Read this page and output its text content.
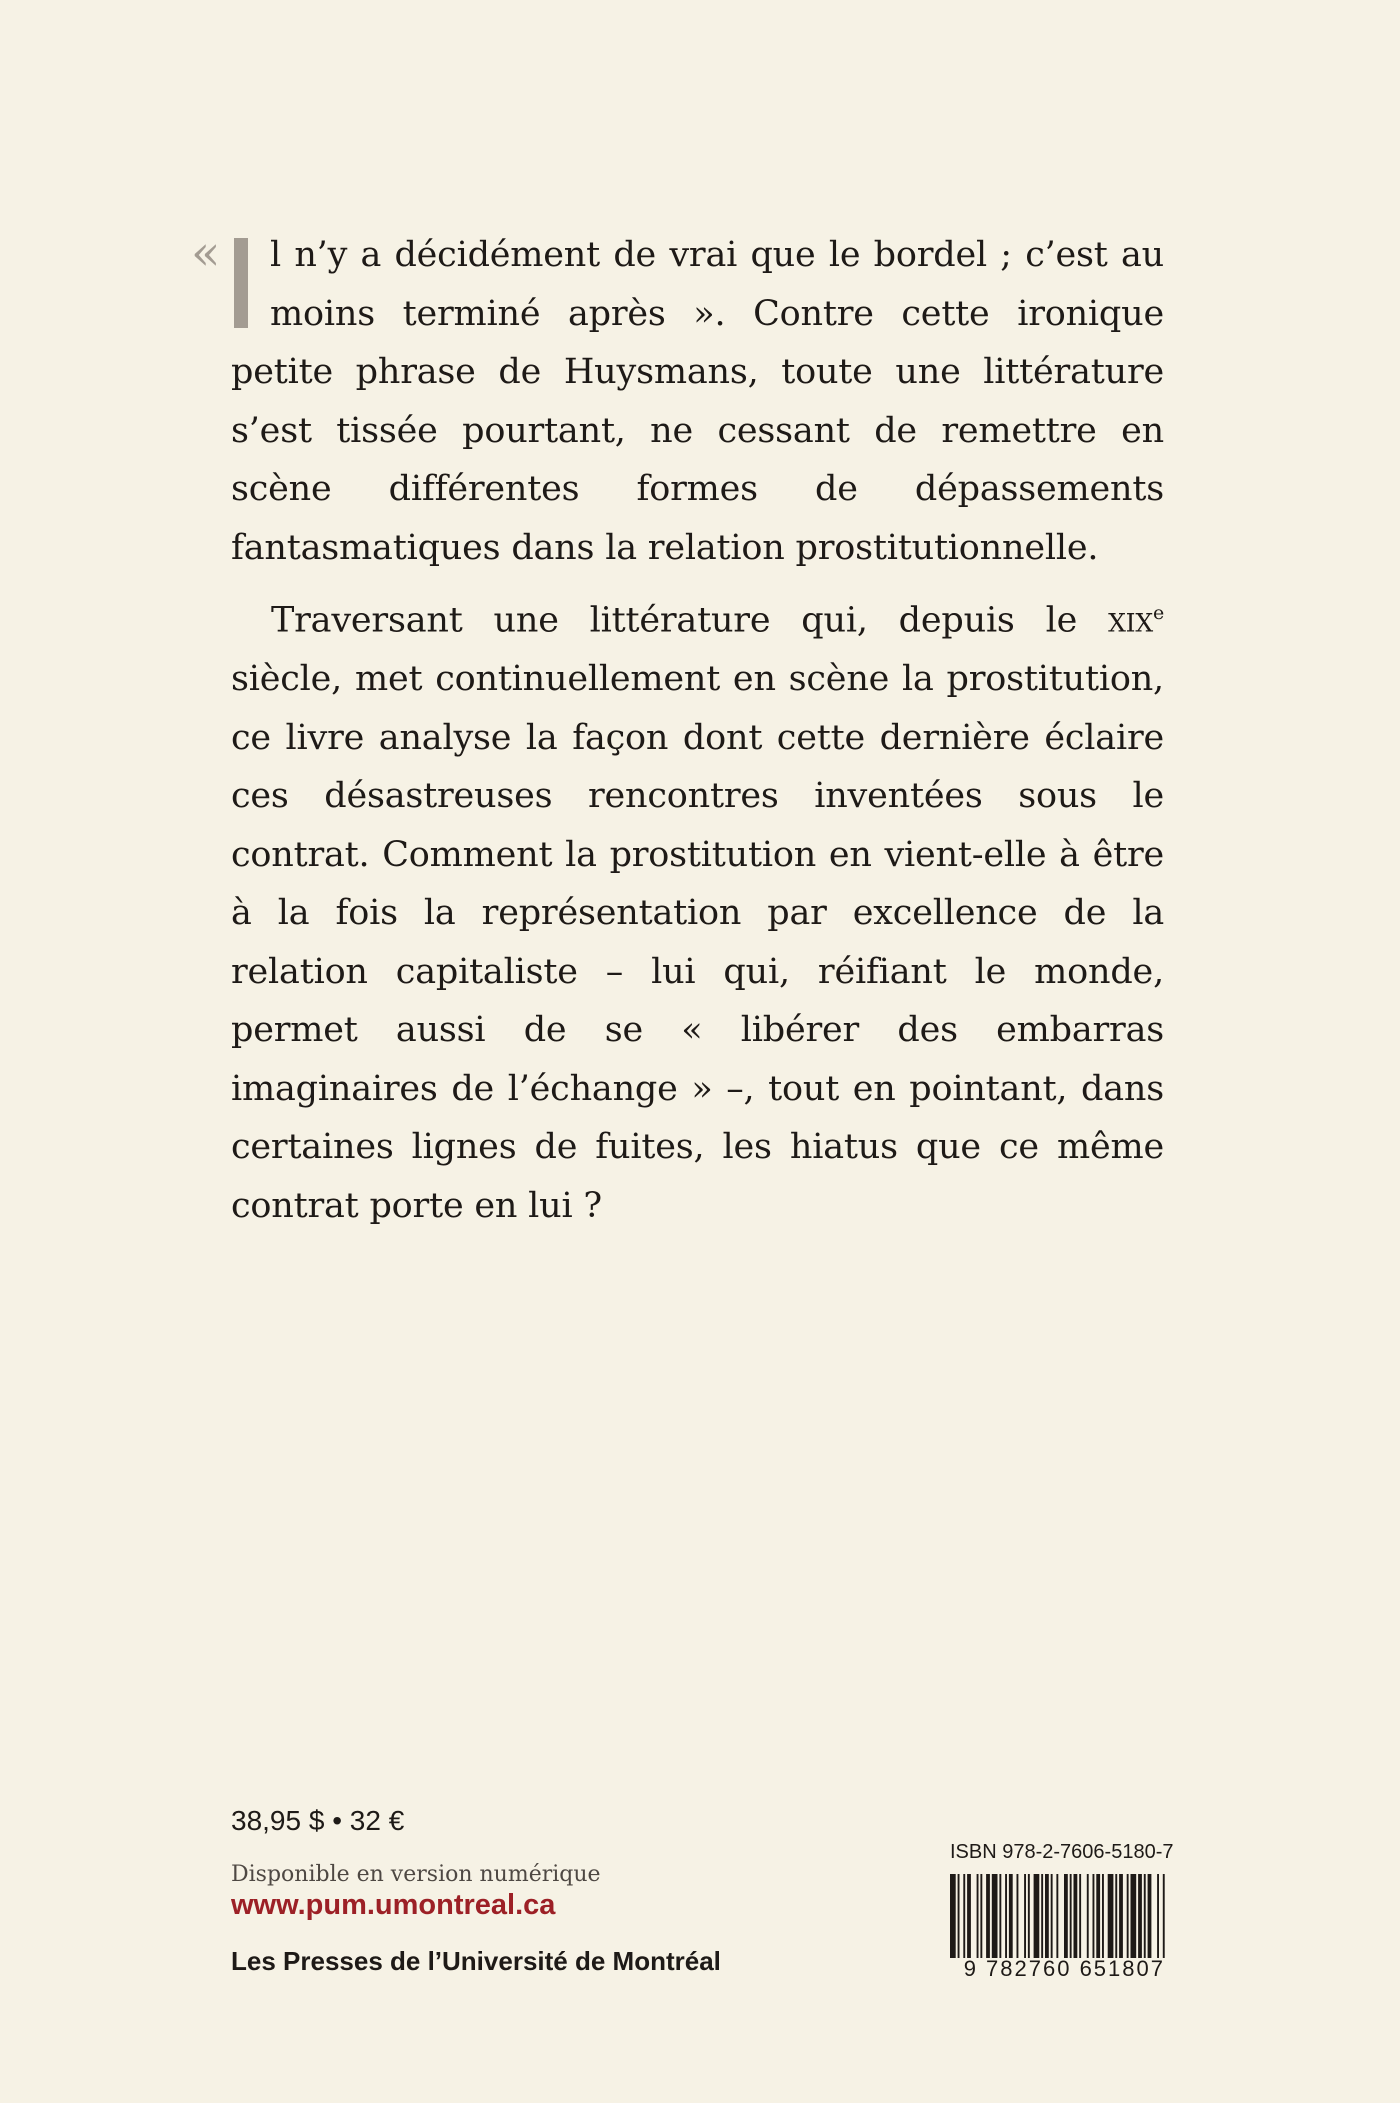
« l n’y a décidément de vrai que le bordel ; c’est au moins terminé après ». Contre cette ironique petite phrase de Huysmans, toute une littérature s’est tissée pourtant, ne cessant de remettre en scène différentes formes de dépassements fantasmatiques dans la relation prostitutionnelle.

Traversant une littérature qui, depuis le xix$^e$ siècle, met continuellement en scène la prostitution, ce livre analyse la façon dont cette dernière éclaire ces désastreuses rencontres inventées sous le contrat. Comment la prostitution en vient-elle à être à la fois la représentation par excellence de la relation capitaliste – lui qui, réifiant le monde, permet aussi de se « libérer des embarras imaginaires de l’échange » –, tout en pointant, dans certaines lignes de fuites, les hiatus que ce même contrat porte en lui ?

38,95 $ • 32 €

Disponible en version numérique

www.pum.umontreal.ca

Les Presses de l’Université de Montréal

ISBN 978-2-7606-5180-7
9 782760 651807
